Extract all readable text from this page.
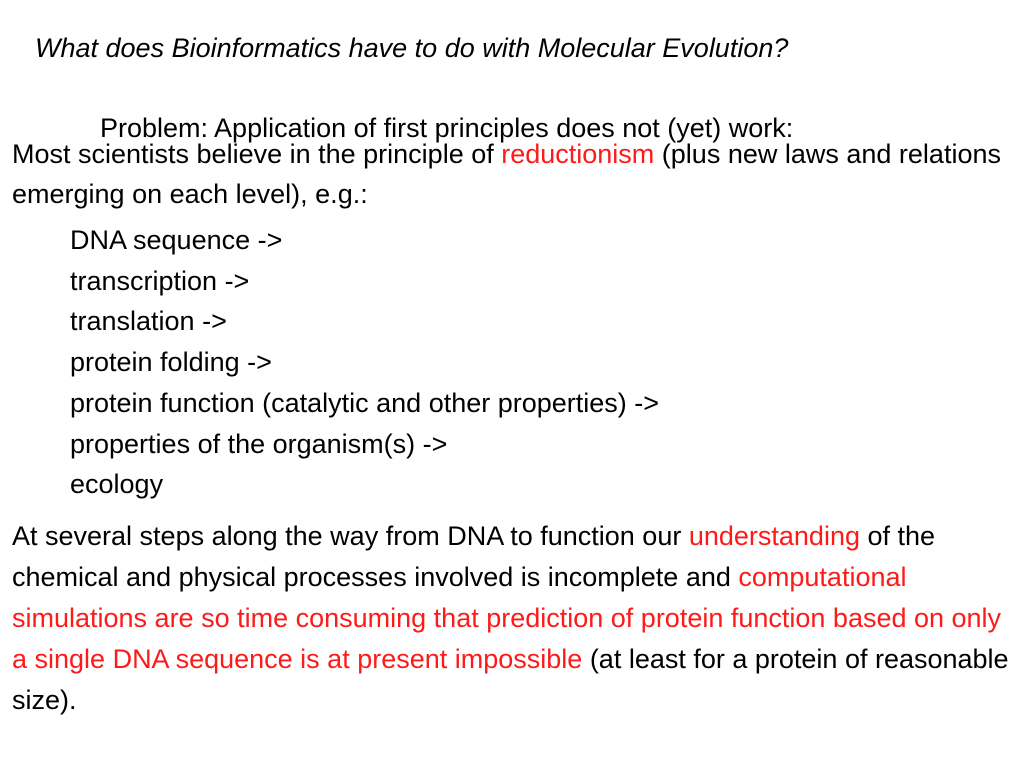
What does Bioinformatics have to do with Molecular Evolution?
Problem: Application of first principles does not (yet) work:
Most scientists believe in the principle of reductionism (plus new laws and relations emerging on each level), e.g.:
DNA sequence ->
transcription ->
translation ->
protein folding ->
protein function (catalytic and other properties) ->
properties of the organism(s) ->
ecology
At several steps along the way from DNA to function our understanding of the chemical and physical processes involved is incomplete and computational simulations are so time consuming that prediction of protein function based on only a single DNA sequence is at present impossible (at least for a protein of reasonable size).
